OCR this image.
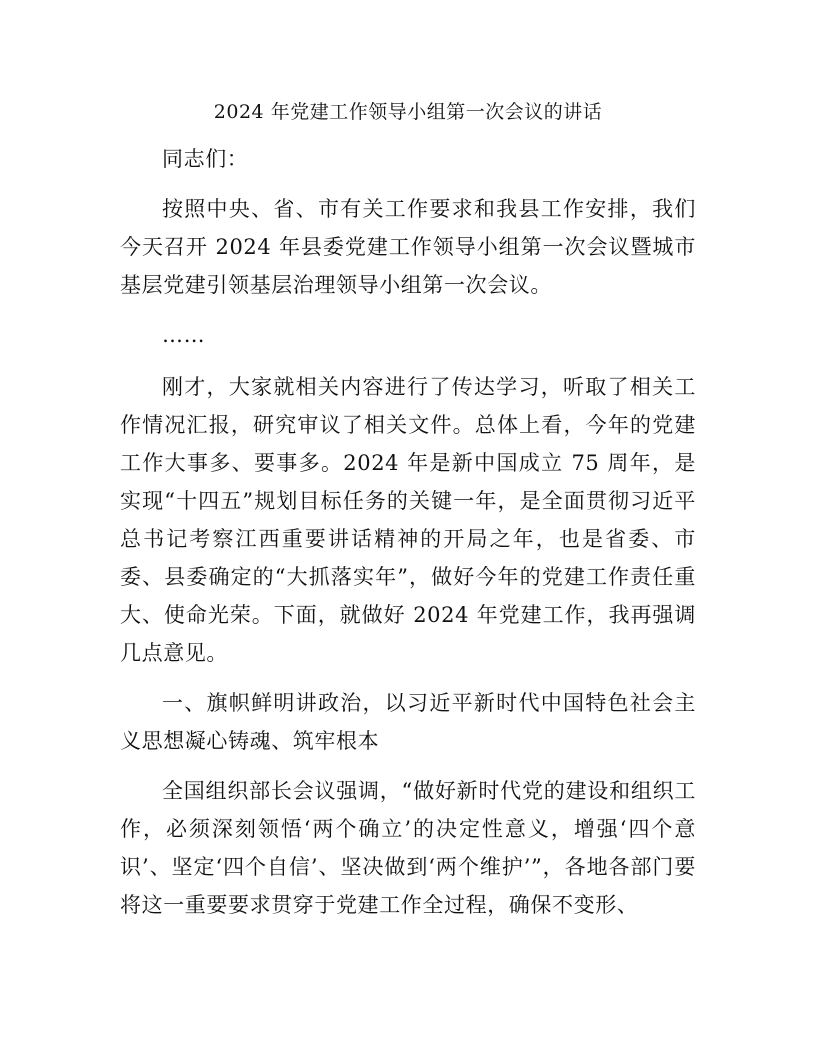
2024 年党建工作领导小组第一次会议的讲话

同志们：

按照中央、省、市有关工作要求和我县工作安排，我们今天召开 2024 年县委党建工作领导小组第一次会议暨城市基层党建引领基层治理领导小组第一次会议。

……

刚才，大家就相关内容进行了传达学习，听取了相关工作情况汇报，研究审议了相关文件。总体上看，今年的党建工作大事多、要事多。2024 年是新中国成立 75 周年，是实现“十四五”规划目标任务的关键一年，是全面贯彻习近平总书记考察江西重要讲话精神的开局之年，也是省委、市委、县委确定的“大抓落实年”，做好今年的党建工作责任重大、使命光荣。下面，就做好 2024 年党建工作，我再强调几点意见。

一、旗帜鲜明讲政治，以习近平新时代中国特色社会主义思想凝心铸魂、筑牢根本

全国组织部长会议强调，“做好新时代党的建设和组织工作，必须深刻领悟‘两个确立’的决定性意义，增强‘四个意识’、坚定‘四个自信’、坚决做到‘两个维护’”，各地各部门要将这一重要要求贯穿于党建工作全过程，确保不变形、
